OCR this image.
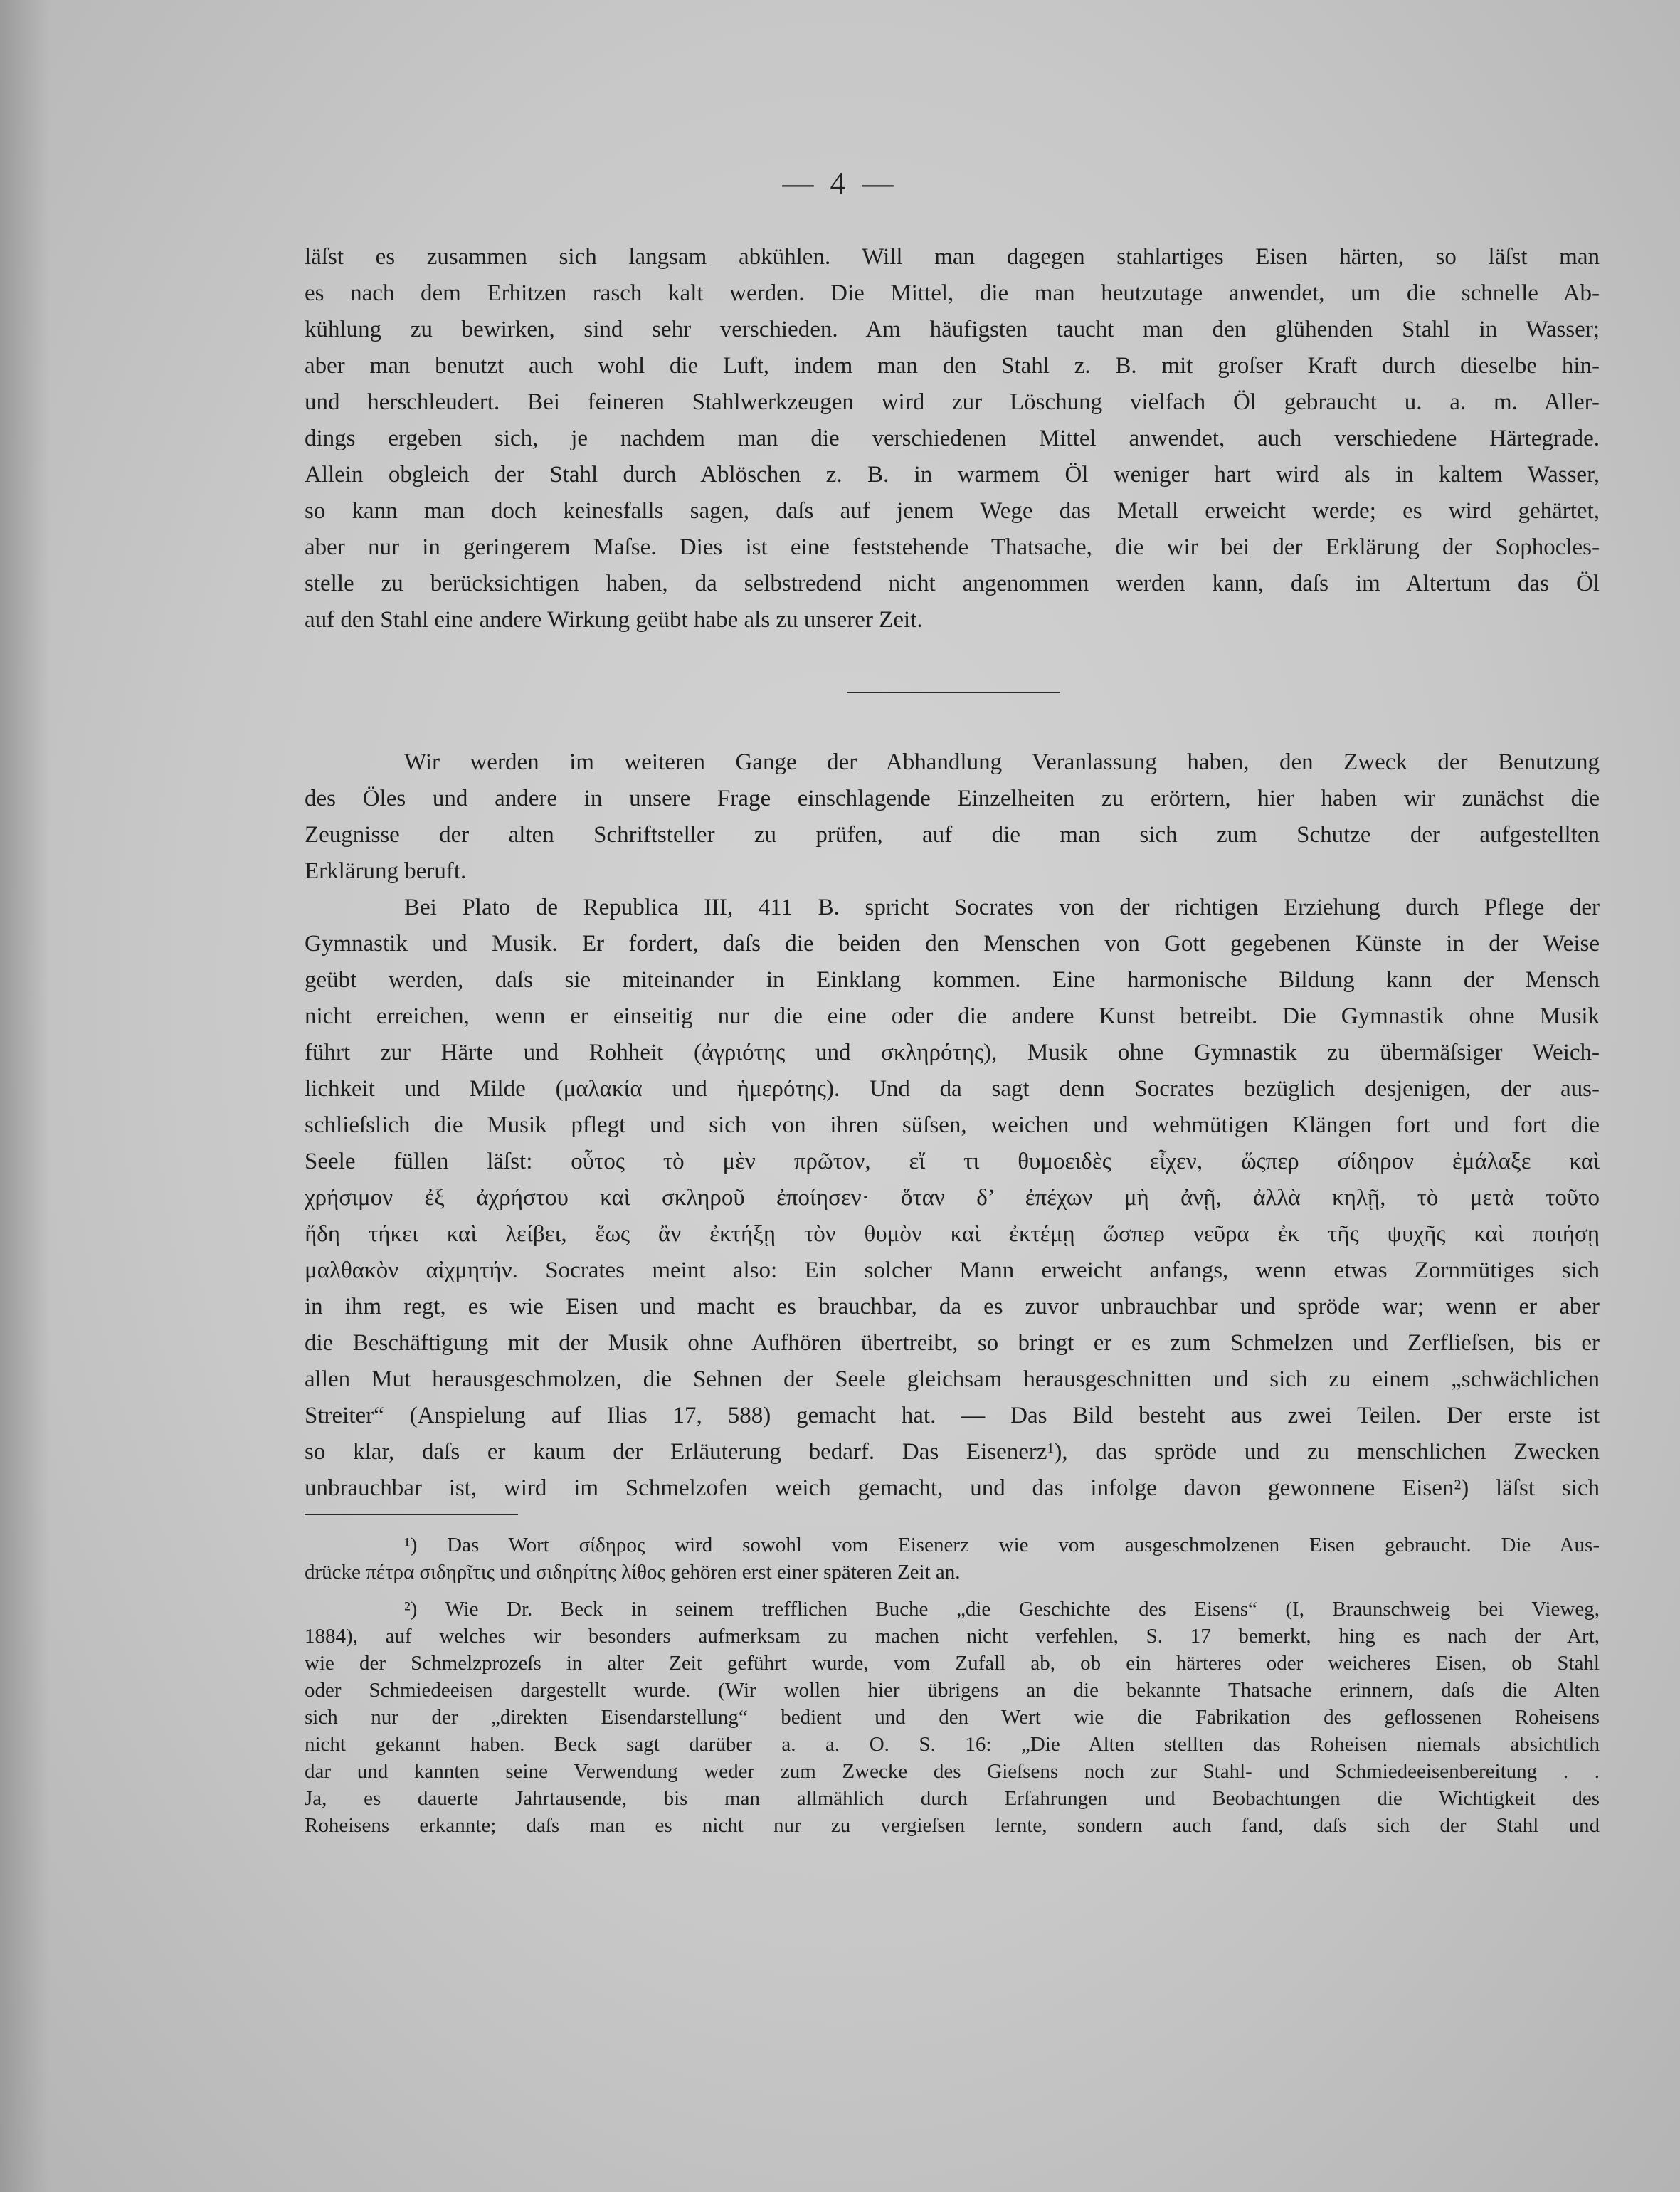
— 4 —

läſst es zusammen sich langsam abkühlen. Will man dagegen stahlartiges Eisen härten, so läſst man

es nach dem Erhitzen rasch kalt werden. Die Mittel, die man heutzutage anwendet, um die schnelle Ab-

kühlung zu bewirken, sind sehr verschieden. Am häufigsten taucht man den glühenden Stahl in Wasser;

aber man benutzt auch wohl die Luft, indem man den Stahl z. B. mit groſser Kraft durch dieselbe hin-

und herschleudert. Bei feineren Stahlwerkzeugen wird zur Löschung vielfach Öl gebraucht u. a. m. Aller-

dings ergeben sich, je nachdem man die verschiedenen Mittel anwendet, auch verschiedene Härtegrade.

Allein obgleich der Stahl durch Ablöschen z. B. in warmem Öl weniger hart wird als in kaltem Wasser,

so kann man doch keinesfalls sagen, daſs auf jenem Wege das Metall erweicht werde; es wird gehärtet,

aber nur in geringerem Maſse. Dies ist eine feststehende Thatsache, die wir bei der Erklärung der Sophocles-

stelle zu berücksichtigen haben, da selbstredend nicht angenommen werden kann, daſs im Altertum das Öl

auf den Stahl eine andere Wirkung geübt habe als zu unserer Zeit.

Wir werden im weiteren Gange der Abhandlung Veranlassung haben, den Zweck der Benutzung

des Öles und andere in unsere Frage einschlagende Einzelheiten zu erörtern, hier haben wir zunächst die

Zeugnisse der alten Schriftsteller zu prüfen, auf die man sich zum Schutze der aufgestellten

Erklärung beruft.

Bei Plato de Republica III, 411 B. spricht Socrates von der richtigen Erziehung durch Pflege der

Gymnastik und Musik. Er fordert, daſs die beiden den Menschen von Gott gegebenen Künste in der Weise

geübt werden, daſs sie miteinander in Einklang kommen. Eine harmonische Bildung kann der Mensch

nicht erreichen, wenn er einseitig nur die eine oder die andere Kunst betreibt. Die Gymnastik ohne Musik

führt zur Härte und Rohheit (ἀγριότης und σκληρότης), Musik ohne Gymnastik zu übermäſsiger Weich-

lichkeit und Milde (μαλακία und ἡμερότης). Und da sagt denn Socrates bezüglich desjenigen, der aus-

schlieſslich die Musik pflegt und sich von ihren süſsen, weichen und wehmütigen Klängen fort und fort die

Seele füllen läſst: οὗτος τὸ μὲν πρῶτον, εἴ τι θυμοειδὲς εἶχεν, ὥςπερ σίδηρον ἐμάλαξε καὶ

χρήσιμον ἐξ ἀχρήστου καὶ σκληροῦ ἐποίησεν· ὅταν δ’ ἐπέχων μὴ ἀνῇ, ἀλλὰ κηλῇ, τὸ μετὰ τοῦτο

ἤδη τήκει καὶ λείβει, ἕως ἂν ἐκτήξῃ τὸν θυμὸν καὶ ἐκτέμῃ ὥσπερ νεῦρα ἐκ τῆς ψυχῆς καὶ ποιήσῃ

μαλθακὸν αἰχμητήν. Socrates meint also: Ein solcher Mann erweicht anfangs, wenn etwas Zornmütiges sich

in ihm regt, es wie Eisen und macht es brauchbar, da es zuvor unbrauchbar und spröde war; wenn er aber

die Beschäftigung mit der Musik ohne Aufhören übertreibt, so bringt er es zum Schmelzen und Zerflieſsen, bis er

allen Mut herausgeschmolzen, die Sehnen der Seele gleichsam herausgeschnitten und sich zu einem „schwächlichen

Streiter“ (Anspielung auf Ilias 17, 588) gemacht hat. — Das Bild besteht aus zwei Teilen. Der erste ist

so klar, daſs er kaum der Erläuterung bedarf. Das Eisenerz¹), das spröde und zu menschlichen Zwecken

unbrauchbar ist, wird im Schmelzofen weich gemacht, und das infolge davon gewonnene Eisen²) läſst sich

¹) Das Wort σίδηρος wird sowohl vom Eisenerz wie vom ausgeschmolzenen Eisen gebraucht. Die Aus-

drücke πέτρα σιδηρῖτις und σιδηρίτης λίθος gehören erst einer späteren Zeit an.

²) Wie Dr. Beck in seinem trefflichen Buche „die Geschichte des Eisens“ (I, Braunschweig bei Vieweg,

1884), auf welches wir besonders aufmerksam zu machen nicht verfehlen, S. 17 bemerkt, hing es nach der Art,

wie der Schmelzprozeſs in alter Zeit geführt wurde, vom Zufall ab, ob ein härteres oder weicheres Eisen, ob Stahl

oder Schmiedeeisen dargestellt wurde. (Wir wollen hier übrigens an die bekannte Thatsache erinnern, daſs die Alten

sich nur der „direkten Eisendarstellung“ bedient und den Wert wie die Fabrikation des geflossenen Roheisens

nicht gekannt haben. Beck sagt darüber a. a. O. S. 16: „Die Alten stellten das Roheisen niemals absichtlich

dar und kannten seine Verwendung weder zum Zwecke des Gieſsens noch zur Stahl- und Schmiedeeisenbereitung . .

Ja, es dauerte Jahrtausende, bis man allmählich durch Erfahrungen und Beobachtungen die Wichtigkeit des

Roheisens erkannte; daſs man es nicht nur zu vergieſsen lernte, sondern auch fand, daſs sich der Stahl und
